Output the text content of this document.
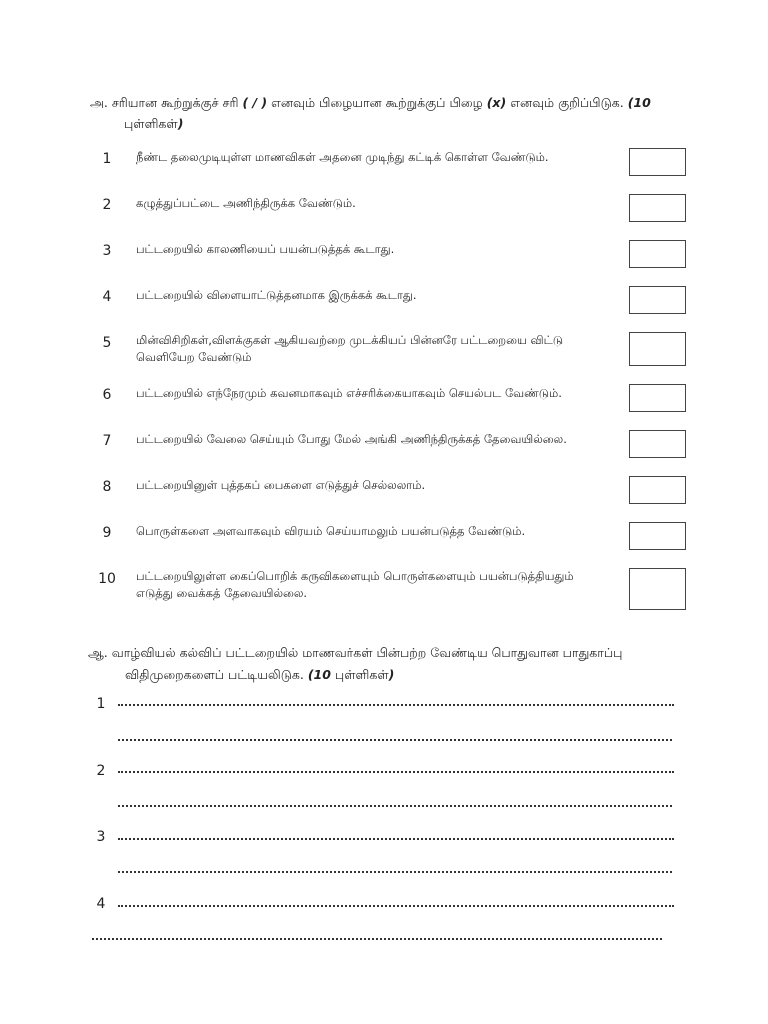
அ. சரியான கூற்றுக்குச் சரி ( / ) எனவும் பிழையான கூற்றுக்குப் பிழை (x) எனவும் குறிப்பிடுக. (10
புள்ளிகள்)
1	நீண்ட தலைமுடியுள்ள மாணவிகள் அதனை முடிந்து கட்டிக் கொள்ள வேண்டும்.
2	கழுத்துப்பட்டை அணிந்திருக்க வேண்டும்.
3	பட்டறையில் காலணியைப் பயன்படுத்தக் கூடாது.
4	பட்டறையில் விளையாட்டுத்தனமாக இருக்கக் கூடாது.
5	மின்விசிறிகள்,விளக்குகள் ஆகியவற்றை முடக்கியப் பின்னரே பட்டறையை விட்டு வெளியேற வேண்டும்
6	பட்டறையில் எந்நேரமும் கவனமாகவும் எச்சரிக்கையாகவும் செயல்பட வேண்டும்.
7	பட்டறையில் வேலை செய்யும் போது மேல் அங்கி அணிந்திருக்கத் தேவையில்லை.
8	பட்டறையினுள் புத்தகப் பைகளை எடுத்துச் செல்லலாம்.
9	பொருள்களை அளவாகவும் விரயம் செய்யாமலும் பயன்படுத்த வேண்டும்.
10 பட்டறையிலுள்ள கைப்பொறிக் கருவிகளையும் பொருள்களையும் பயன்படுத்தியதும் எடுத்து வைக்கத் தேவையில்லை.
ஆ. வாழ்வியல் கல்விப் பட்டறையில் மாணவர்கள் பின்பற்ற வேண்டிய பொதுவான பாதுகாப்பு
விதிமுறைகளைப் பட்டியலிடுக. (10 புள்ளிகள்)
1
2
3
4
